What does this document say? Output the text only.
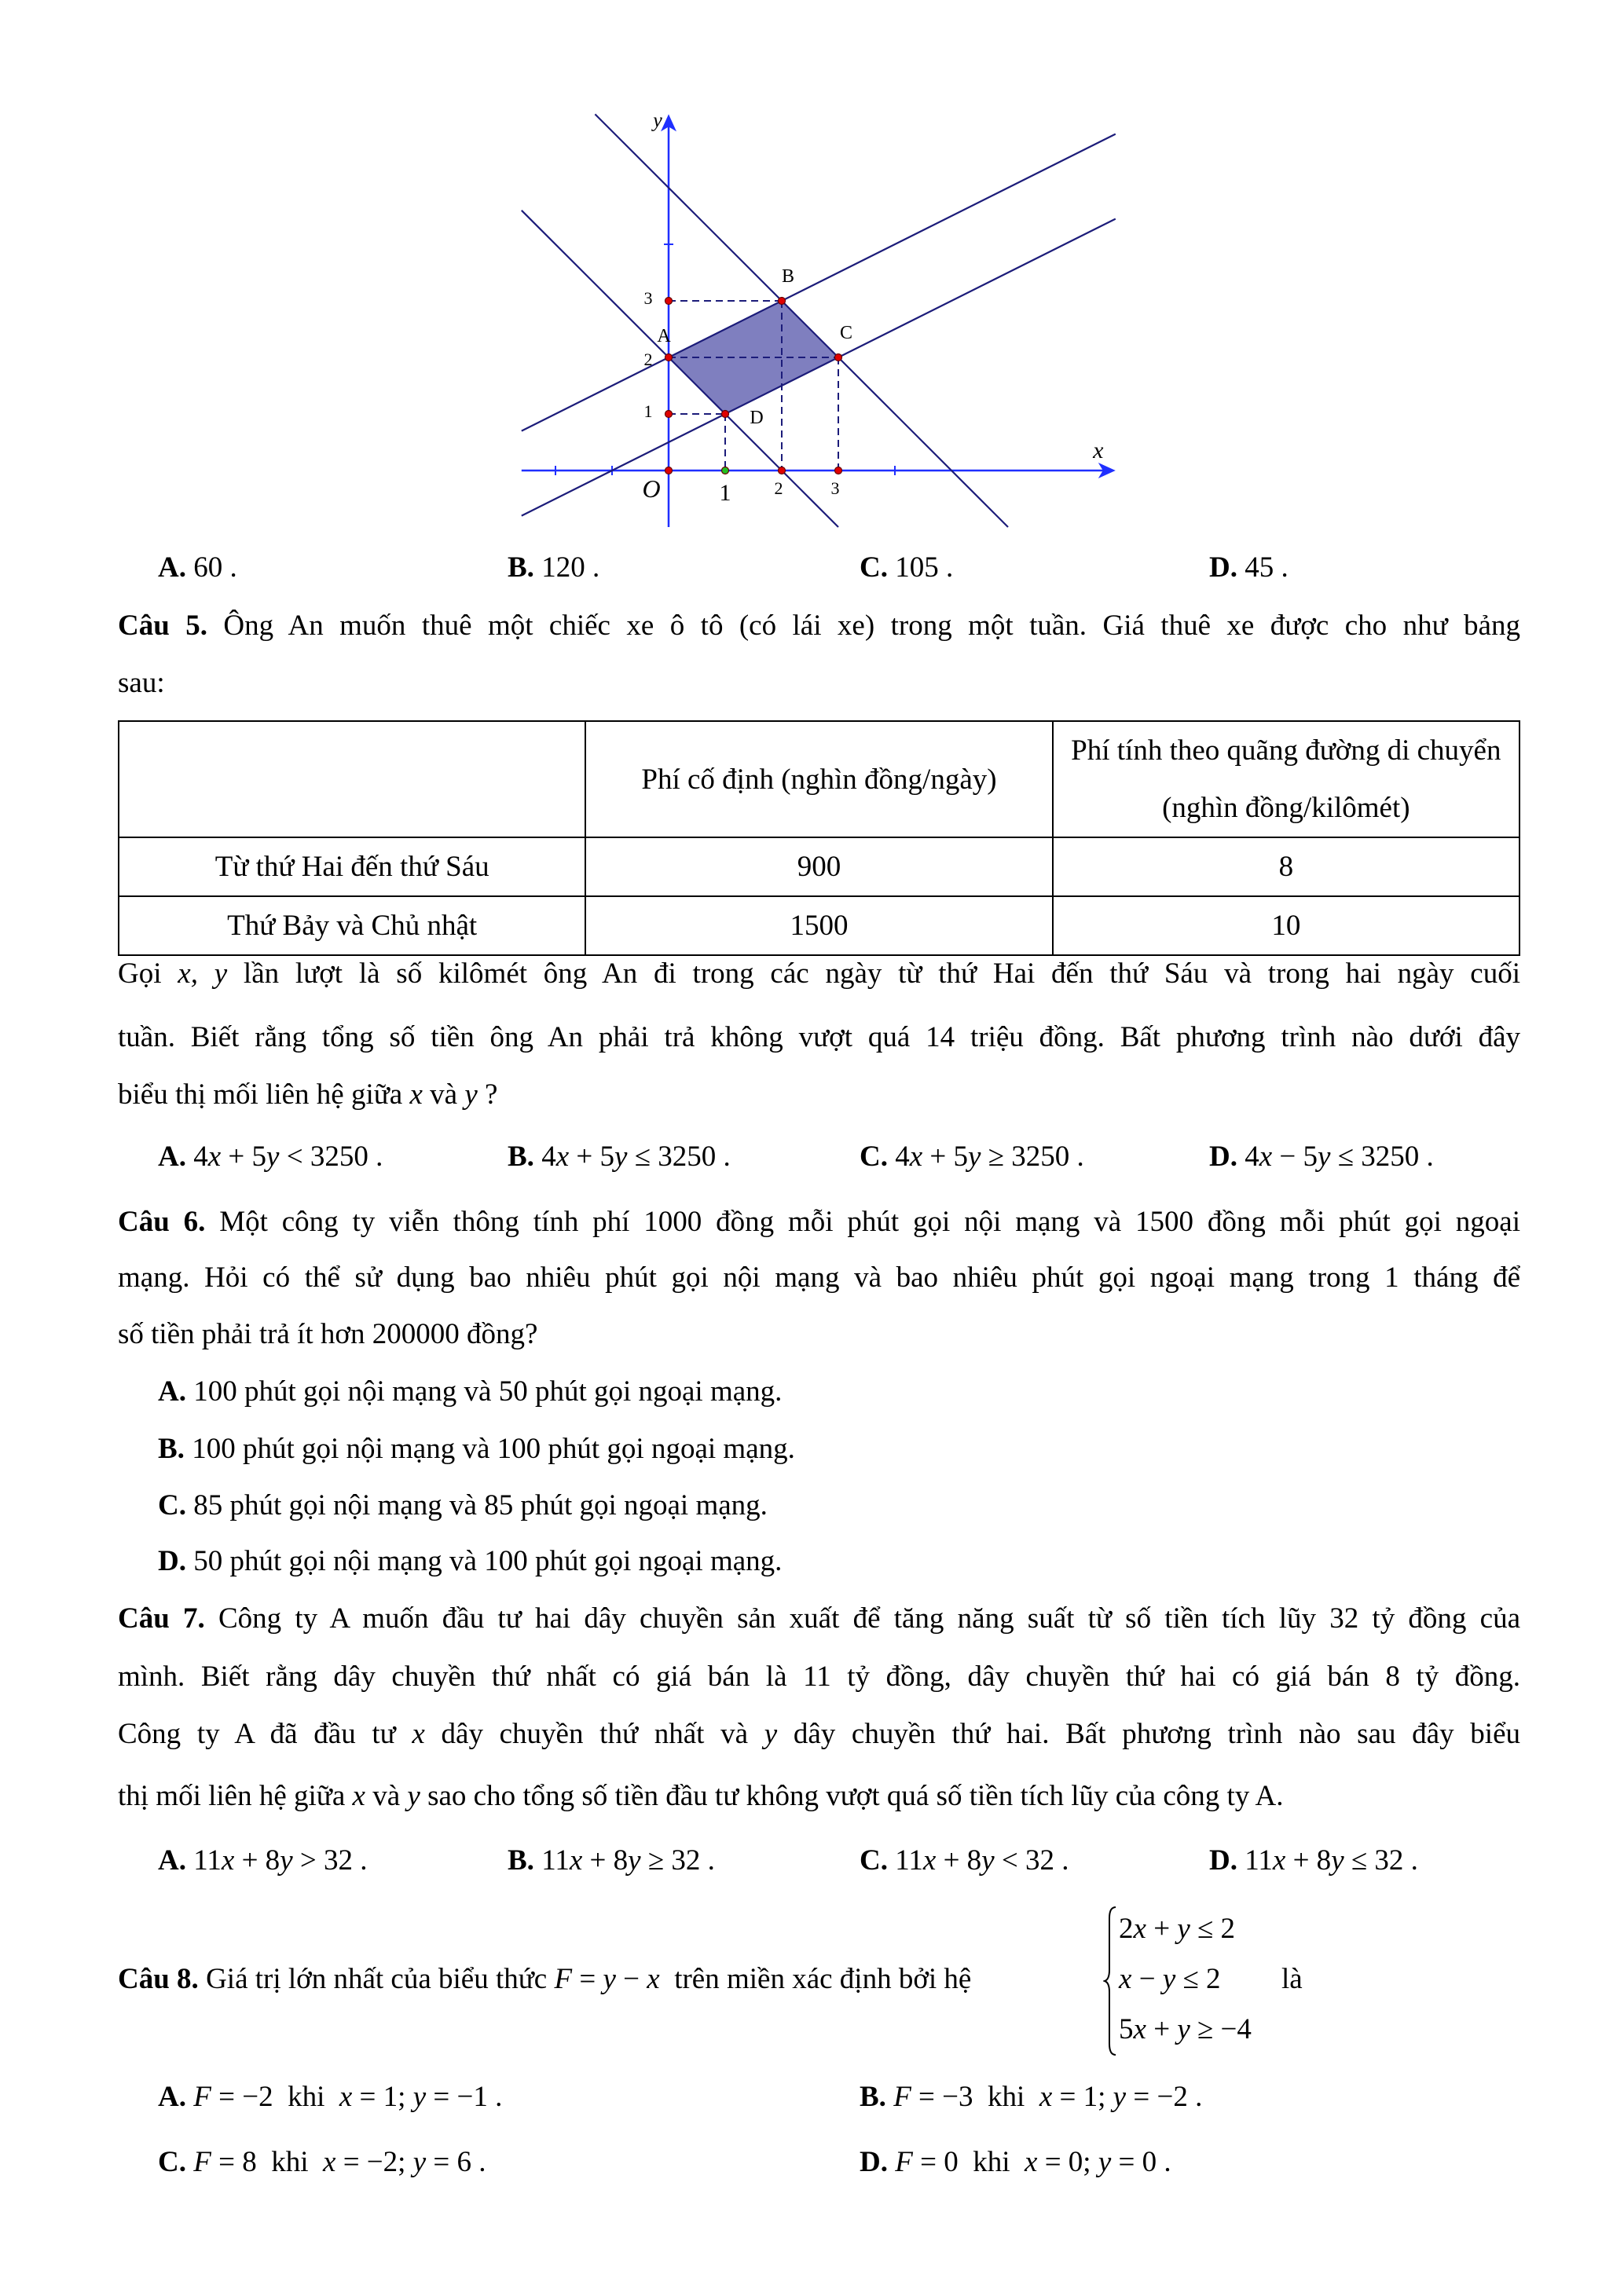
A
B
C
D
1	2	3
1
2
3
O
x
y
A. 60 .	B. 120 .	C. 105 .	D. 45 .
Câu 5. Ông An muốn thuê một chiếc xe ô tô (có lái xe) trong một tuần. Giá thuê xe được cho như bảng
sau:
	Phí cố định (nghìn đồng/ngày)	Phí tính theo quãng đường di chuyển (nghìn đồng/kilômét)
Từ thứ Hai đến thứ Sáu	900	8
Thứ Bảy và Chủ nhật	1500	10
Gọi x, y lần lượt là số kilômét ông An đi trong các ngày từ thứ Hai đến thứ Sáu và trong hai ngày cuối
tuần. Biết rằng tổng số tiền ông An phải trả không vượt quá 14 triệu đồng. Bất phương trình nào dưới đây
biểu thị mối liên hệ giữa x và y ?
A. 4x + 5y < 3250 .	B. 4x + 5y ≤ 3250 .	C. 4x + 5y ≥ 3250 .	D. 4x − 5y ≤ 3250 .
Câu 6. Một công ty viễn thông tính phí 1000 đồng mỗi phút gọi nội mạng và 1500 đồng mỗi phút gọi ngoại
mạng. Hỏi có thể sử dụng bao nhiêu phút gọi nội mạng và bao nhiêu phút gọi ngoại mạng trong 1 tháng để
số tiền phải trả ít hơn 200000 đồng?
A. 100 phút gọi nội mạng và 50 phút gọi ngoại mạng.
B. 100 phút gọi nội mạng và 100 phút gọi ngoại mạng.
C. 85 phút gọi nội mạng và 85 phút gọi ngoại mạng.
D. 50 phút gọi nội mạng và 100 phút gọi ngoại mạng.
Câu 7. Công ty A muốn đầu tư hai dây chuyền sản xuất để tăng năng suất từ số tiền tích lũy 32 tỷ đồng của
mình. Biết rằng dây chuyền thứ nhất có giá bán là 11 tỷ đồng, dây chuyền thứ hai có giá bán 8 tỷ đồng.
Công ty A đã đầu tư x dây chuyền thứ nhất và y dây chuyền thứ hai. Bất phương trình nào sau đây biểu
thị mối liên hệ giữa x và y sao cho tổng số tiền đầu tư không vượt quá số tiền tích lũy của công ty A.
A. 11x + 8y > 32 .	B. 11x + 8y ≥ 32 .	C. 11x + 8y < 32 .	D. 11x + 8y ≤ 32 .
Câu 8. Giá trị lớn nhất của biểu thức F = y − x  trên miền xác định bởi hệ
2x + y ≤ 2
x − y ≤ 2
5x + y ≥ −4
là
A. F = −2  khi  x = 1; y = −1 .	B. F = −3  khi  x = 1; y = −2 .
C. F = 8  khi  x = −2; y = 6 .	D. F = 0  khi  x = 0; y = 0 .
